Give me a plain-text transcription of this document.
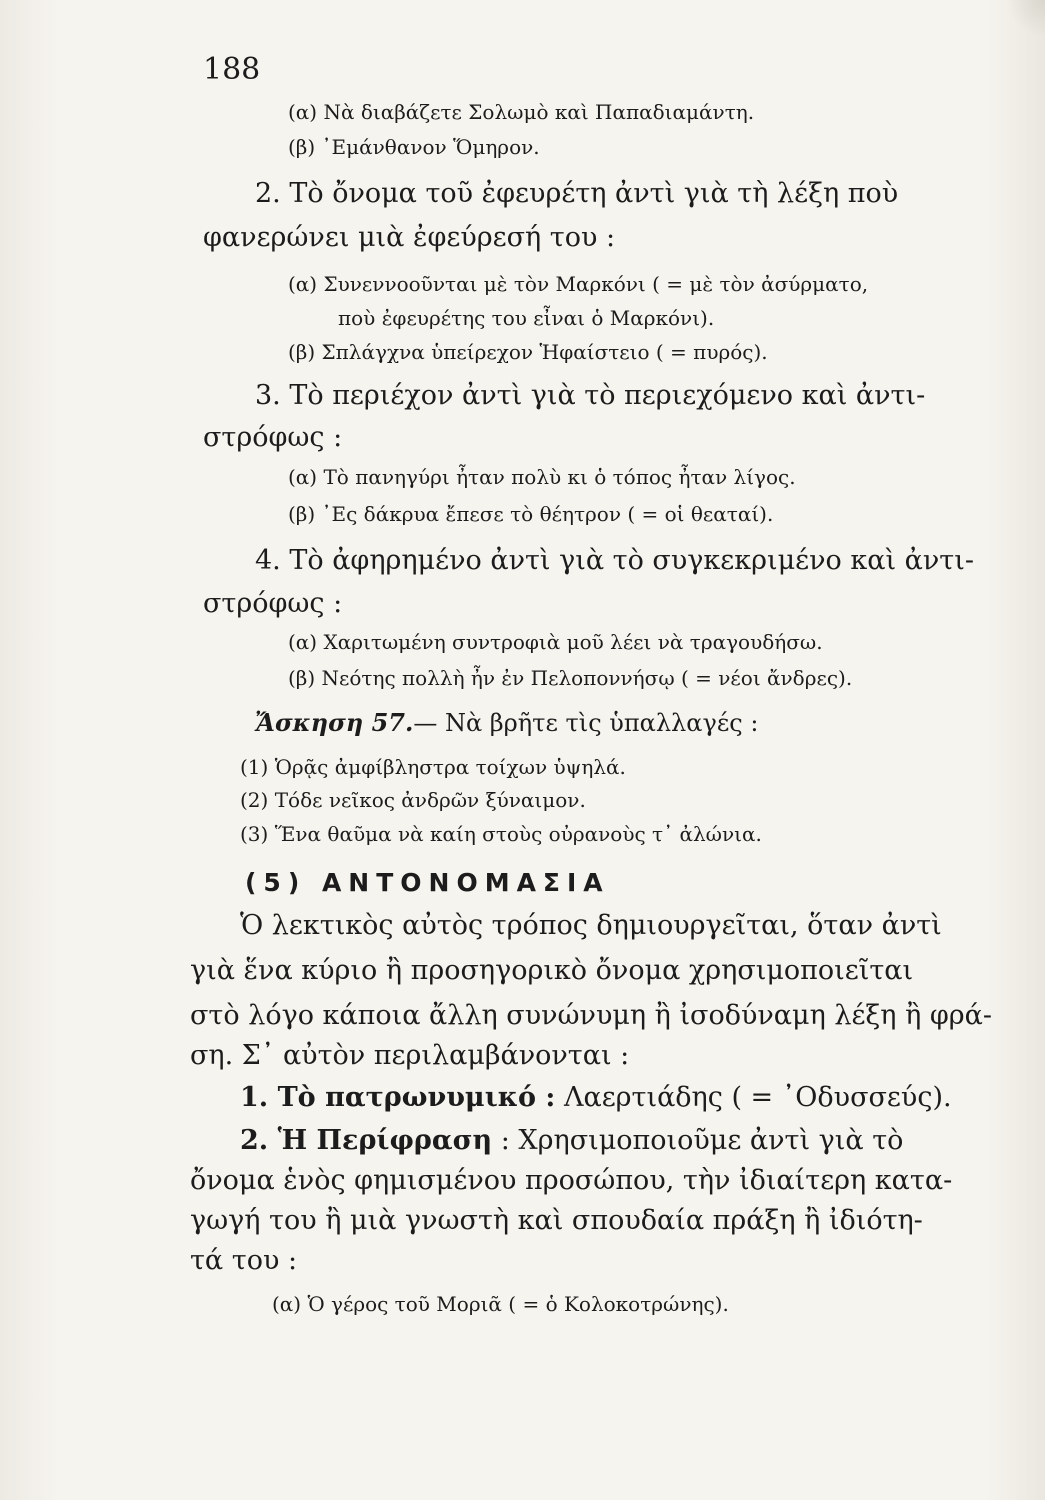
188
(α) Νὰ διαβάζετε Σολωμὸ καὶ Παπαδιαμάντη.
(β) ᾽Εμάνθανον Ὅμηρον.
2. Τὸ ὄνομα τοῦ ἐφευρέτη ἀντὶ γιὰ τὴ λέξη ποὺ
φανερώνει μιὰ ἐφεύρεσή του :
(α) Συνεννοοῦνται μὲ τὸν Μαρκόνι ( = μὲ τὸν ἀσύρματο,
ποὺ ἐφευρέτης του εἶναι ὁ Μαρκόνι).
(β) Σπλάγχνα ὑπείρεχον Ἡφαίστειο ( = πυρός).
3. Τὸ περιέχον ἀντὶ γιὰ τὸ περιεχόμενο καὶ ἀντι-
στρόφως :
(α) Τὸ πανηγύρι ἦταν πολὺ κι ὁ τόπος ἦταν λίγος.
(β) ᾽Ες δάκρυα ἔπεσε τὸ θέητρον ( = οἱ θεαταί).
4. Τὸ ἀφηρημένο ἀντὶ γιὰ τὸ συγκεκριμένο καὶ ἀντι-
στρόφως :
(α) Χαριτωμένη συντροφιὰ μοῦ λέει νὰ τραγουδήσω.
(β) Νεότης πολλὴ ἦν ἐν Πελοποννήσῳ ( = νέοι ἄνδρες).
Ἄσκηση 57.— Νὰ βρῆτε τὶς ὑπαλλαγές :
(1) Ὁρᾷς ἀμφίβληστρα τοίχων ὑψηλά.
(2) Τόδε νεῖκος ἀνδρῶν ξύναιμον.
(3) Ἕνα θαῦμα νὰ καίη στοὺς οὐρανοὺς τ᾽ ἀλώνια.
(5) ΑΝΤΟΝΟΜΑΣΙΑ
Ὁ λεκτικὸς αὐτὸς τρόπος δημιουργεῖται, ὅταν ἀντὶ
γιὰ ἕνα κύριο ἢ προσηγορικὸ ὄνομα χρησιμοποιεῖται
στὸ λόγο κάποια ἄλλη συνώνυμη ἢ ἰσοδύναμη λέξη ἢ φρά-
ση. Σ᾽ αὐτὸν περιλαμβάνονται :
1. Τὸ πατρωνυμικό : Λαερτιάδης ( = ᾽Οδυσσεύς).
2. Ἡ Περίφραση : Χρησιμοποιοῦμε ἀντὶ γιὰ τὸ
ὄνομα ἑνὸς φημισμένου προσώπου, τὴν ἰδιαίτερη κατα-
γωγή του ἢ μιὰ γνωστὴ καὶ σπουδαία πράξη ἢ ἰδιότη-
τά του :
(α) Ὁ γέρος τοῦ Μοριᾶ ( = ὁ Κολοκοτρώνης).
